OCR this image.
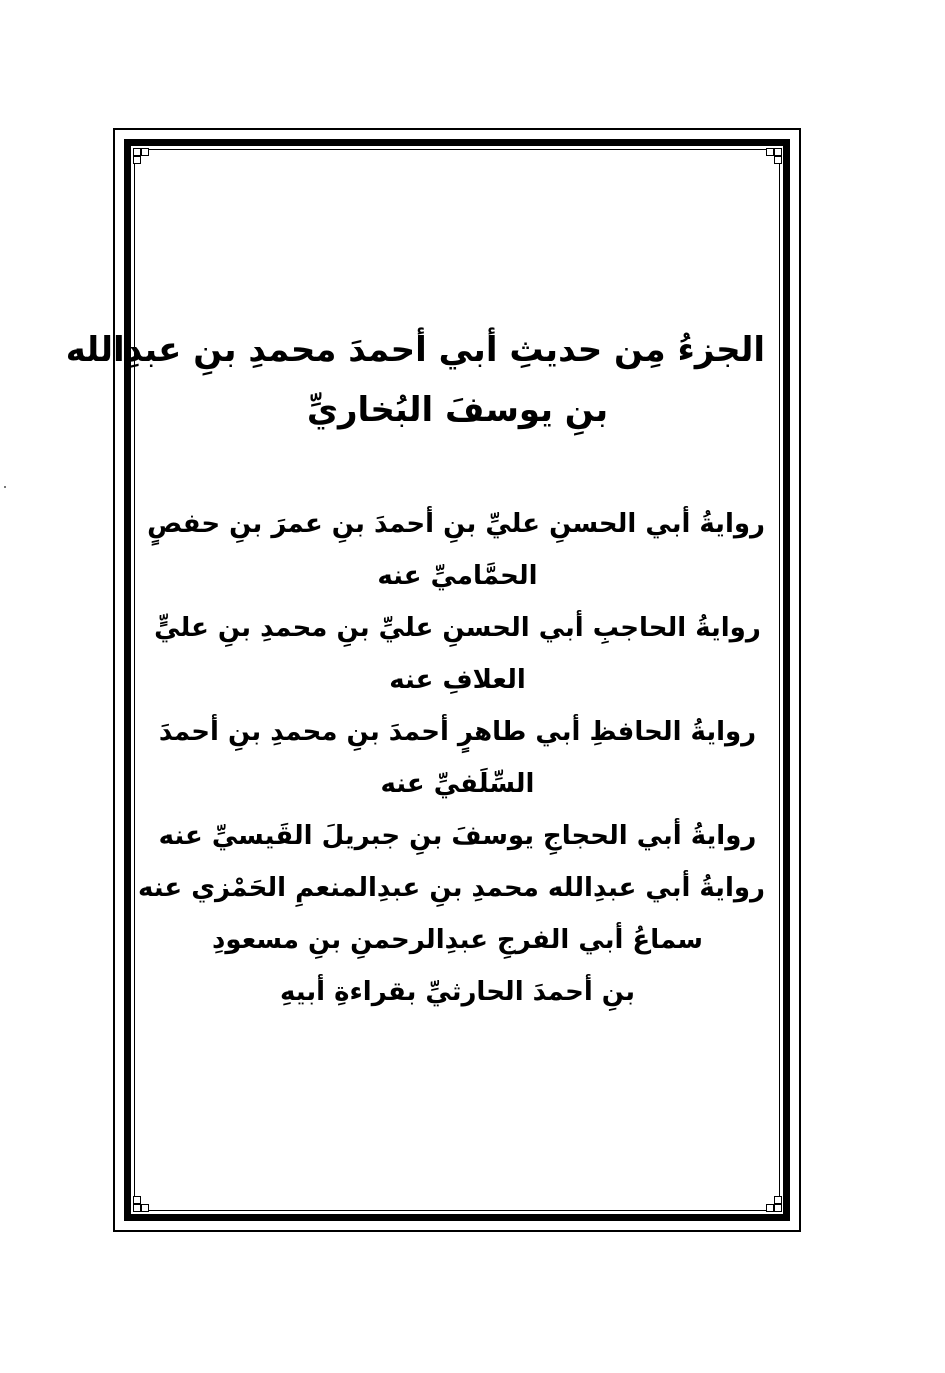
الجزءُ مِن حديثِ أبي أحمدَ محمدِ بنِ عبدِالله
بنِ يوسفَ البُخاريِّ
روايةُ أبي الحسنِ عليِّ بنِ أحمدَ بنِ عمرَ بنِ حفصٍ
الحمَّاميِّ عنه
روايةُ الحاجبِ أبي الحسنِ عليِّ بنِ محمدِ بنِ عليٍّ
العلافِ عنه
روايةُ الحافظِ أبي طاهرٍ أحمدَ بنِ محمدِ بنِ أحمدَ
السِّلَفيِّ عنه
روايةُ أبي الحجاجِ يوسفَ بنِ جبريلَ القَيسيِّ عنه
روايةُ أبي عبدِالله محمدِ بنِ عبدِالمنعمِ الحَمْزي عنه
سماعُ أبي الفرجِ عبدِالرحمنِ بنِ مسعودِ
بنِ أحمدَ الحارثيِّ بقراءةِ أبيهِ
